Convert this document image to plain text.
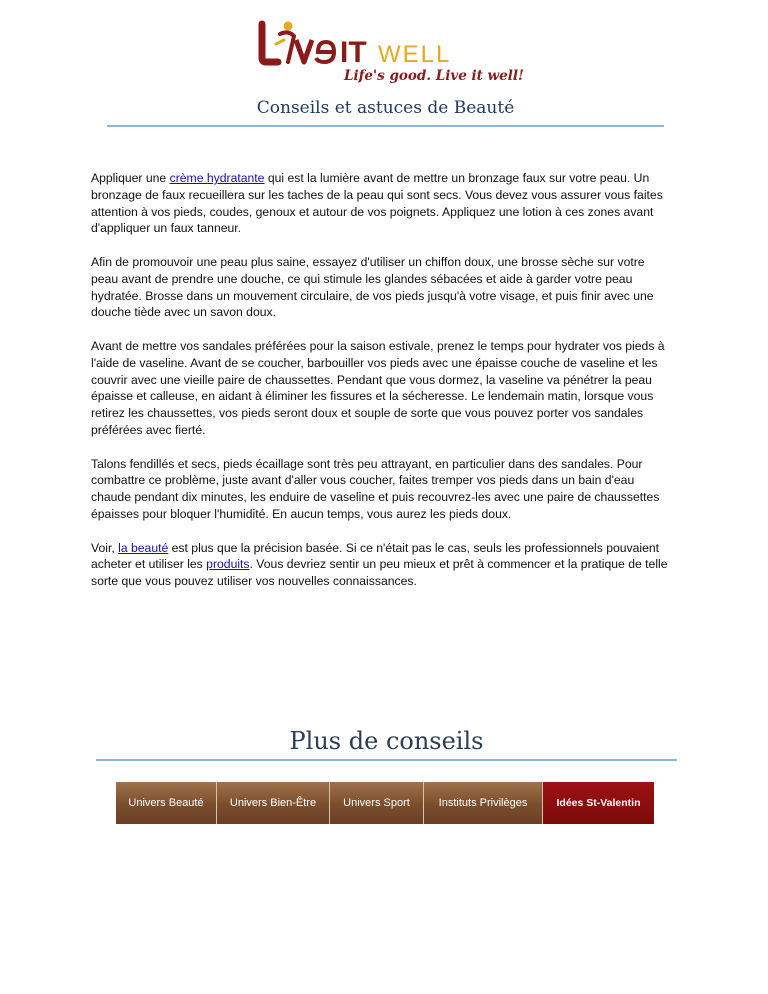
IT WELL
Life's good. Live it well!
Conseils et astuces de Beauté

Appliquer une crème hydratante qui est la lumière avant de mettre un bronzage faux sur votre peau. Un bronzage de faux recueillera sur les taches de la peau qui sont secs. Vous devez vous assurer vous faites attention à vos pieds, coudes, genoux et autour de vos poignets. Appliquez une lotion à ces zones avant d'appliquer un faux tanneur.

Afin de promouvoir une peau plus saine, essayez d'utiliser un chiffon doux, une brosse sèche sur votre peau avant de prendre une douche, ce qui stimule les glandes sébacées et aide à garder votre peau hydratée. Brosse dans un mouvement circulaire, de vos pieds jusqu'à votre visage, et puis finir avec une douche tiède avec un savon doux.

Avant de mettre vos sandales préférées pour la saison estivale, prenez le temps pour hydrater vos pieds à l'aide de vaseline. Avant de se coucher, barbouiller vos pieds avec une épaisse couche de vaseline et les couvrir avec une vieille paire de chaussettes. Pendant que vous dormez, la vaseline va pénétrer la peau épaisse et calleuse, en aidant à éliminer les fissures et la sécheresse. Le lendemain matin, lorsque vous retirez les chaussettes, vos pieds seront doux et souple de sorte que vous pouvez porter vos sandales préférées avec fierté.

Talons fendillés et secs, pieds écaillage sont très peu attrayant, en particulier dans des sandales. Pour combattre ce problème, juste avant d'aller vous coucher, faites tremper vos pieds dans un bain d'eau chaude pendant dix minutes, les enduire de vaseline et puis recouvrez-les avec une paire de chaussettes épaisses pour bloquer l'humidité. En aucun temps, vous aurez les pieds doux.

Voir, la beauté est plus que la précision basée. Si ce n'était pas le cas, seuls les professionnels pouvaient acheter et utiliser les produits. Vous devriez sentir un peu mieux et prêt à commencer et la pratique de telle sorte que vous pouvez utiliser vos nouvelles connaissances.

Plus de conseils
Univers Beauté	Univers Bien-Être	Univers Sport	Instituts Privilèges	Idées St-Valentin
